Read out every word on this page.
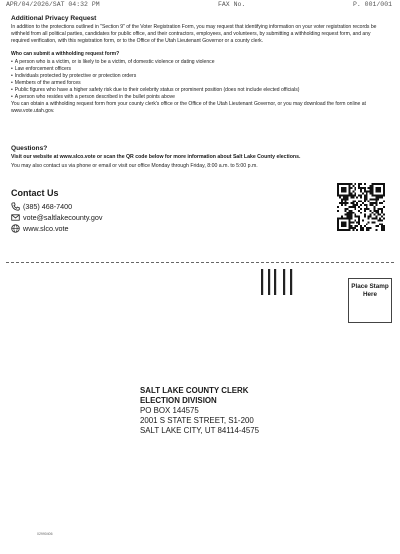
APR/04/2026/SAT 04:32 PM	FAX No.	P. 001/001
Additional Privacy Request
In addition to the protections outlined in "Section 9" of the Voter Registration Form, you may request that identifying information on your voter registration records be withheld from all political parties, candidates for public office, and their contractors, employees, and volunteers, by submitting a withholding request form, and any required verification, with this registration form, or to the Office of the Utah Lieutenant Governor or a county clerk.
Who can submit a withholding request form?
• A person who is a victim, or is likely to be a victim, of domestic violence or dating violence
• Law enforcement officers
• Individuals protected by protective or protection orders
• Members of the armed forces
• Public figures who have a higher safety risk due to their celebrity status or prominent position (does not include elected officials)
• A person who resides with a person described in the bullet points above
You can obtain a withholding request form from your county clerk's office or the Office of the Utah Lieutenant Governor, or you may download the form online at www.vote.utah.gov.
Questions?
Visit our website at www.slco.vote or scan the QR code below for more information about Salt Lake County elections.
You may also contact us via phone or email or visit our office Monday through Friday, 8:00 a.m. to 5:00 p.m.
Contact Us
(385) 468-7400
vote@saltlakecounty.gov
www.slco.vote
Place Stamp Here
SALT LAKE COUNTY CLERK
ELECTION DIVISION
PO BOX 144575
2001 S STATE STREET, S1-200
SALT LAKE CITY, UT 84114-4575
02990406
